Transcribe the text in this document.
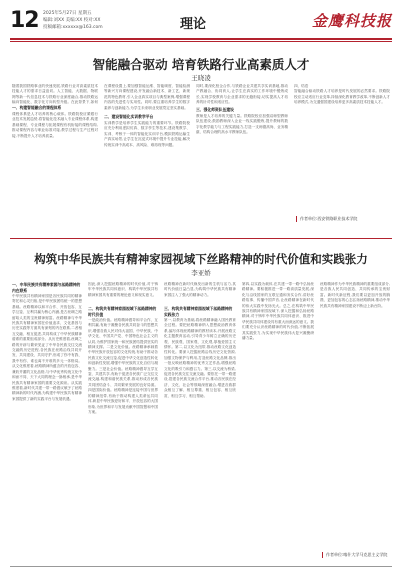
12 2025年5月27日 星期五
编辑:刘XX 美编:XX 校对:XX
投稿邮箱:xxxxxx@163.com	理论	金鹰科技报
智能融合驱动 培育铁路行业高素质人才
王晓凌
随着我国铁路事业的快速发展,铁路行业对高素质技术技能人才的需求日益迫切。人工智能、大数据、物联网等新一代信息技术与铁路行业深度融合,推动铁路运输向智能化、数字化方向转型升级。在此背景下,如何
一、构建智能融合的课程体系
课程体系是人才培养的核心载体。铁路院校应紧跟行业技术发展趋势,将智能化技术融入专业课程体系,构建基础课程、专业课程与拓展课程有机衔接的课程结构,推动课程内容与职业标准对接,教学过程与生产过程对接,不断提升人才培养质量。
在课程设置上,要加强智能运维、智能调度、智能检测等新兴方向课程建设,开发融合新技术、新工艺、新规范的特色教材,引入企业真实项目与典型案例,增强课程内容的先进性与实用性。同时,要注重培养学生的数字素养与创新能力,为学生未来职业发展奠定坚实基础。
二、建设智能化实训教学平台
实训教学是培养学生实践能力的重要环节。铁路院校应充分利用虚拟仿真、数字孪生等技术,建设集教学、实训、考核于一体的智能化实训平台,模拟铁路运输生产真实场景,让学生在沉浸式环境中提升专业技能,解决传统实训中高成本、高风险、难再现等问题。
同时,要深化校企合作,与铁路企业共建共享实训基地,推动产教融合、协同育人,让学生在真实的工作环境中锻炼成长,实现学校教育与企业需求的无缝衔接,切实提高人才培养的针对性和适应性。
三、强化师资队伍建设
教师是人才培养的关键力量。铁路院校应加强双师型教师队伍建设,鼓励教师深入企业一线实践锻炼,提升教师的数字化教学能力与工程实践能力,打造一支师德高尚、业务精湛、结构合理的高水平教师队伍。
四、结语
智能融合驱动铁路人才培养是时代发展的必然要求。铁路院校应主动适应行业变革,持续深化教育教学改革,不断创新人才培养模式,为交通强国建设培养更多高素质技术技能人才。
作者单位:西安铁路职业技术学院
构筑中华民族共有精神家园视域下丝路精神的时代价值和实践张力
李亚娇
一、中华民族共有精神家园与丝路精神的内在联系
中华民族共有精神家园是各民族共同的精神寄托和心灵归宿,是中华民族团结统一的思想基础。丝路精神以和平合作、开放包容、互学互鉴、互利共赢为核心内涵,是古丝绸之路留给人类的宝贵精神财富。丝路精神与中华民族共有精神家园在价值追求、文化基因与历史实践等方面具有深刻的内在联系,二者相互交融、相互促进,共同构成了中华民族精神谱系的重要组成部分。从历史维度看,丝绸之路的开辟与繁荣见证了中华各民族交往交流交融的历史进程,各民族在丝路沿线共同开发、共同建设、共同守护,形成了你中有我、我中有你、谁也离不开谁的多元一体格局。从文化维度看,丝路精神所蕴含的开放包容、兼收并蓄的文化品格,与中华优秀传统文化中和而不同、天下大同的理念一脉相承,是中华民族共有精神家园的重要文化源泉。从实践维度看,新时代共建一带一路倡议赋予了丝路精神新的时代内涵,为构建中华民族共有精神家园提供了新的实践平台与发展机遇。
因此,深入挖掘丝路精神的时代价值,对于铸牢中华民族共同体意识、构筑中华民族共有精神家园具有重要的理论意义和现实意义。
二、构筑共有精神家园视域下丝路精神的时代价值
一是政治价值。丝路精神倡导和平合作、互利共赢,有助于凝聚各民族共同奋斗的思想共识,增强各族人民对伟大祖国、中华民族、中华文化、中国共产党、中国特色社会主义的认同,为维护国家统一和民族团结提供坚实的精神支撑。二是文化价值。丝路精神承载着中华民族开放包容的文化传统,有助于推动各民族文化交流互鉴,促进中华文化创造性转化和创新性发展,增强中华民族的文化自信与凝聚力。三是社会价值。丝路精神倡导互学互鉴、共建共享,有助于促进各民族广泛交往交流交融,构建和谐民族关系,推动形成各民族共同团结奋斗、共同繁荣发展的良好局面。四是国际价值。丝路精神是连接中国与世界的精神纽带,有助于推动构建人类命运共同体,彰显中华民族爱好和平、开放包容的大国形象,为世界和平与发展贡献中国智慧和中国方案。
丝路精神在新时代焕发出新的生机与活力,其时代价值日益凸显,为构筑中华民族共有精神家园注入了强大的精神动力。
三、构筑共有精神家园视域下丝路精神的实践张力
第一,以教育为基础,将丝路精神融入国民教育全过程。要把丝路精神纳入思想政治教育体系,编写体现丝路精神的教材读本,开展丝路文化主题教育活动,引导青少年树立正确的历史观、民族观、国家观、文化观,厚植爱国主义情怀。第二,以文化为纽带,推动丝路文化创造性转化。要深入挖掘丝路沿线历史文化资源,加强文物保护与利用,打造丝路文化品牌,推出一批反映丝路精神的优秀文艺作品,增强丝路文化的吸引力和感召力。第三,以交流为桥梁,促进各民族交往交流交融。要依托一带一路建设,搭建各民族交流合作平台,推动各民族在经济、文化、社会等领域深度融合,增进各族群众相互了解、相互尊重、相互包容、相互欣赏、相互学习、相互帮助。
第四,以实践为载体,在共建一带一路中弘扬丝路精神。要积极推进一带一路高质量发展,深化与沿线国家的互联互通和务实合作,讲好丝路故事、传播中国声音,让丝路精神在新时代的伟大实践中发扬光大。总之,在构筑中华民族共有精神家园视域下,深入挖掘和弘扬丝路精神,对于铸牢中华民族共同体意识、推进中华民族共同体建设具有重大而深远的意义。我们要充分认识丝路精神的时代价值,不断拓展其实践张力,为实现中华民族伟大复兴凝聚磅礴力量。
丝路精神作为中华民族精神的重要组成部分,是各族人民共同创造、共同传承的宝贵财富。新时代新征程,我们要以更加开放的胸襟、更加包容的心态弘扬丝路精神,推动中华民族共有精神家园建设不断迈上新台阶。
作者单位:喀什大学马克思主义学院
